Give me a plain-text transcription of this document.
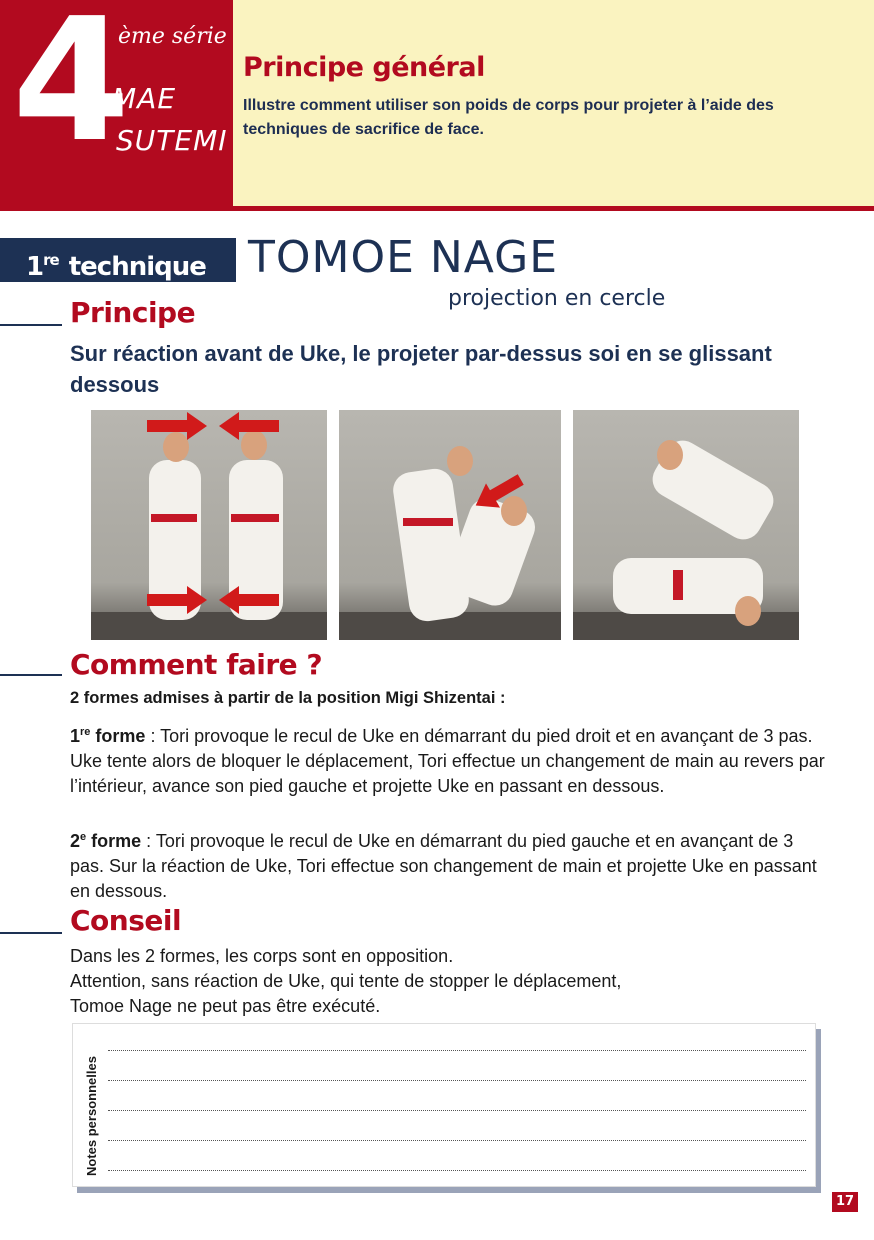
4
ème série
MAE
SUTEMI
Principe général
Illustre comment utiliser son poids de corps pour projeter à l’aide des techniques de sacrifice de face.
1re technique TOMOE NAGE
projection en cercle
Principe
Sur réaction avant de Uke, le projeter par-dessus soi en se glissant dessous
Comment faire ?
2 formes admises à partir de la position Migi Shizentai :
1re forme : Tori provoque le recul de Uke en démarrant du pied droit et en avançant de 3 pas. Uke tente alors de bloquer le déplacement, Tori effectue un changement de main au revers par l’intérieur, avance son pied gauche et projette Uke en passant en dessous.
2e forme : Tori provoque le recul de Uke en démarrant du pied gauche et en avançant de 3 pas. Sur la réaction de Uke, Tori effectue son changement de main et projette Uke en passant en dessous.
Conseil
Dans les 2 formes, les corps sont en opposition.
Attention, sans réaction de Uke, qui tente de stopper le déplacement,
Tomoe Nage ne peut pas être exécuté.
Notes personnelles
17
